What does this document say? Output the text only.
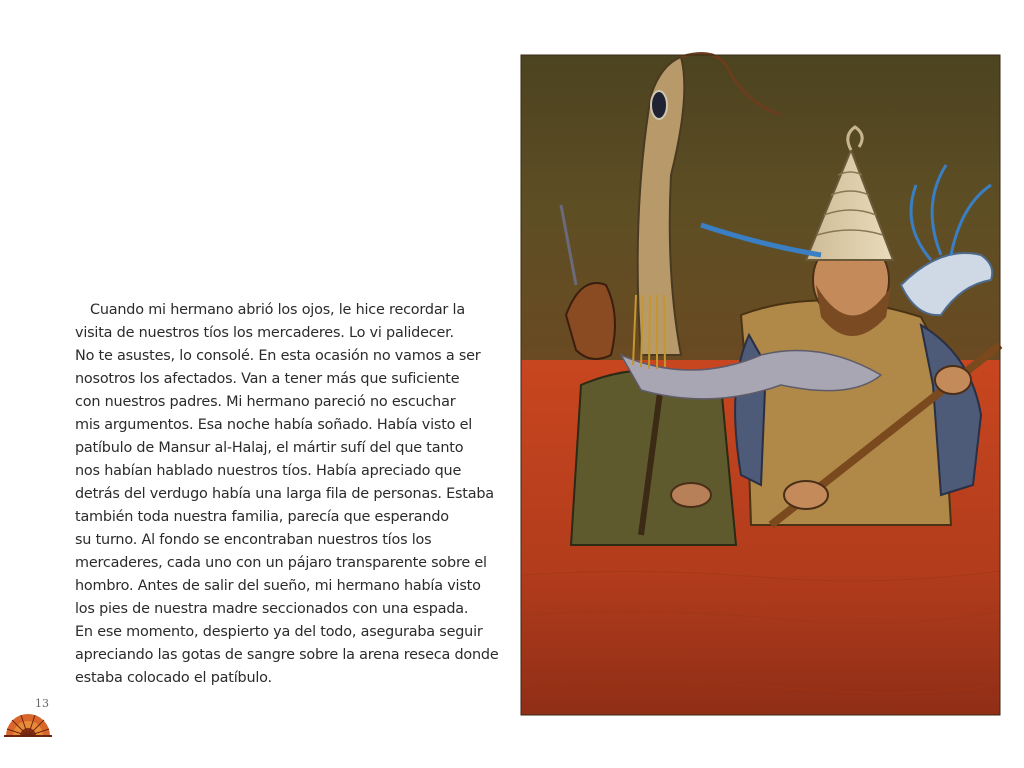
Cuando mi hermano abrió los ojos, le hice recordar la
visita de nuestros tíos los mercaderes. Lo vi palidecer.
No te asustes, lo consolé. En esta ocasión no vamos a ser
nosotros los afectados. Van a tener más que suficiente
con nuestros padres. Mi hermano pareció no escuchar
mis argumentos. Esa noche había soñado. Había visto el
patíbulo de Mansur al-Halaj, el mártir sufí del que tanto
nos habían hablado nuestros tíos. Había apreciado que
detrás del verdugo había una larga fila de personas. Estaba
también toda nuestra familia, parecía que esperando
su turno. Al fondo se encontraban nuestros tíos los
mercaderes, cada uno con un pájaro transparente sobre el
hombro. Antes de salir del sueño, mi hermano había visto
los pies de nuestra madre seccionados con una espada.
En ese momento, despierto ya del todo, aseguraba seguir
apreciando las gotas de sangre sobre la arena reseca donde
estaba colocado el patíbulo.
13
